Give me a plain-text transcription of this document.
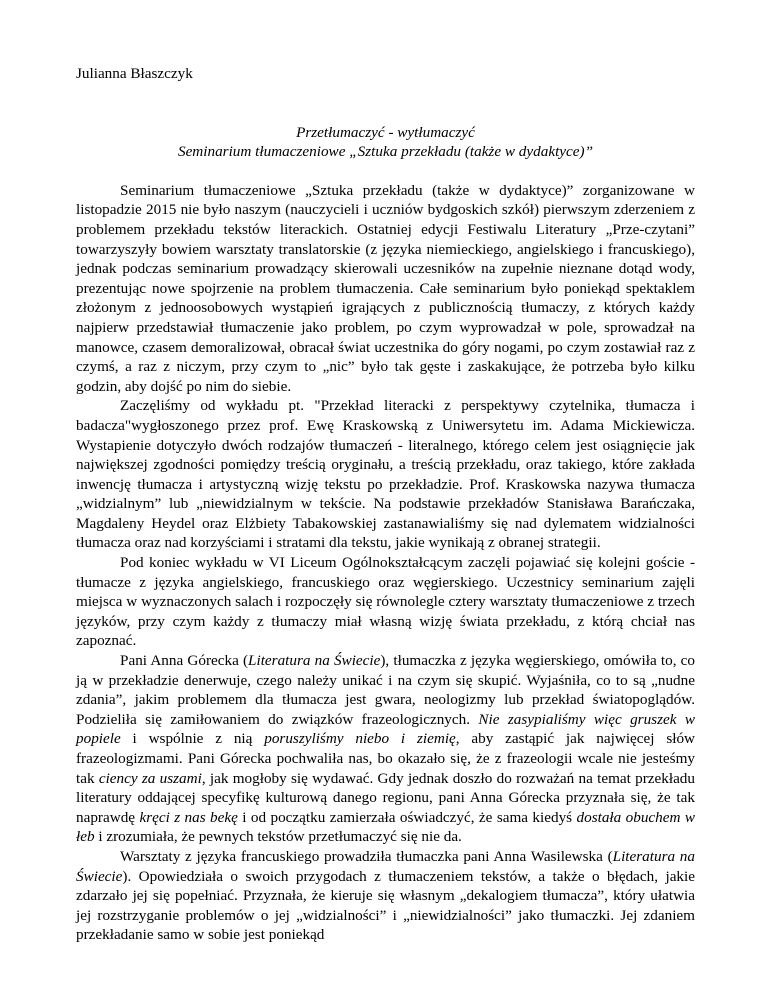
Julianna Błaszczyk
Przetłumaczyć - wytłumaczyć
Seminarium tłumaczeniowe „Sztuka przekładu (także w dydaktyce)”

Seminarium tłumaczeniowe „Sztuka przekładu (także w dydaktyce)” zorganizowane w listopadzie 2015 nie było naszym (nauczycieli i uczniów bydgoskich szkół) pierwszym zderzeniem z problemem przekładu tekstów literackich. Ostatniej edycji Festiwalu Literatury „Prze-czytani” towarzyszyły bowiem warsztaty translatorskie (z języka niemieckiego, angielskiego i francuskiego), jednak podczas seminarium prowadzący skierowali uczesników na zupełnie nieznane dotąd wody, prezentując nowe spojrzenie na problem tłumaczenia. Całe seminarium było poniekąd spektaklem złożonym z jednoosobowych wystąpień igrających z publicznością tłumaczy, z których każdy najpierw przedstawiał tłumaczenie jako problem, po czym wyprowadzał w pole, sprowadzał na manowce, czasem demoralizował, obracał świat uczestnika do góry nogami, po czym zostawiał raz z czymś, a raz z niczym, przy czym to „nic” było tak gęste i zaskakujące, że potrzeba było kilku godzin, aby dojść po nim do siebie.

Zaczęliśmy od wykładu pt. "Przekład literacki z perspektywy czytelnika, tłumacza i badacza"wygłoszonego przez prof. Ewę Kraskowską z Uniwersytetu im. Adama Mickiewicza. Wystapienie dotyczyło dwóch rodzajów tłumaczeń - literalnego, którego celem jest osiągnięcie jak największej zgodności pomiędzy treścią oryginału, a treścią przekładu, oraz takiego, które zakłada inwencję tłumacza i artystyczną wizję tekstu po przekładzie. Prof. Kraskowska nazywa tłumacza „widzialnym” lub „niewidzialnym w tekście. Na podstawie przekładów Stanisława Barańczaka, Magdaleny Heydel oraz Elżbiety Tabakowskiej zastanawialiśmy się nad dylematem widzialności tłumacza oraz nad korzyściami i stratami dla tekstu, jakie wynikają z obranej strategii.

Pod koniec wykładu w VI Liceum Ogólnokształcącym zaczęli pojawiać się kolejni goście - tłumacze z języka angielskiego, francuskiego oraz węgierskiego. Uczestnicy seminarium zajęli miejsca w wyznaczonych salach i rozpoczęły się równolegle cztery warsztaty tłumaczeniowe z trzech języków, przy czym każdy z tłumaczy miał własną wizję świata przekładu, z którą chciał nas zapoznać.

Pani Anna Górecka (Literatura na Świecie), tłumaczka z języka węgierskiego, omówiła to, co ją w przekładzie denerwuje, czego należy unikać i na czym się skupić. Wyjaśniła, co to są „nudne zdania”, jakim problemem dla tłumacza jest gwara, neologizmy lub przekład światopoglądów. Podzieliła się zamiłowaniem do związków frazeologicznych. Nie zasypialiśmy więc gruszek w popiele i wspólnie z nią poruszyliśmy niebo i ziemię, aby zastąpić jak najwięcej słów frazeologizmami. Pani Górecka pochwaliła nas, bo okazało się, że z frazeologii wcale nie jesteśmy tak ciency za uszami, jak mogłoby się wydawać. Gdy jednak doszło do rozważań na temat przekładu literatury oddającej specyfikę kulturową danego regionu, pani Anna Górecka przyznała się, że tak naprawdę kręci z nas bekę i od początku zamierzała oświadczyć, że sama kiedyś dostała obuchem w łeb i zrozumiała, że pewnych tekstów przetłumaczyć się nie da.

Warsztaty z języka francuskiego prowadziła tłumaczka pani Anna Wasilewska (Literatura na Świecie). Opowiedziała o swoich przygodach z tłumaczeniem tekstów, a także o błędach, jakie zdarzało jej się popełniać. Przyznała, że kieruje się własnym „dekalogiem tłumacza”, który ułatwia jej rozstrzyganie problemów o jej „widzialności” i „niewidzialności” jako tłumaczki. Jej zdaniem przekładanie samo w sobie jest poniekąd
